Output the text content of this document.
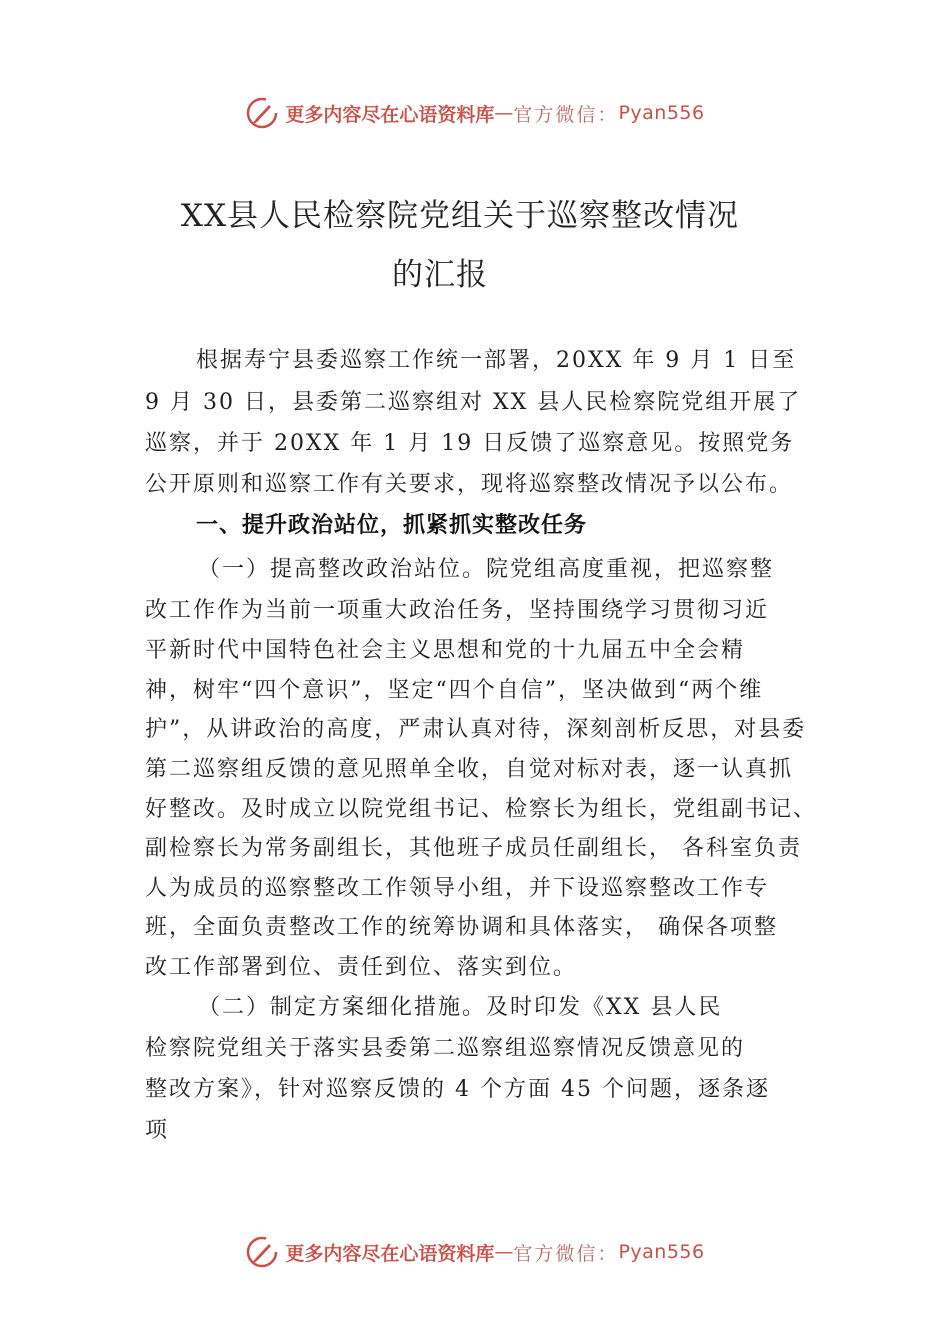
更多内容尽在心语资料库 — 官方微信： Pyan556
XX县人民检察院党组关于巡察整改情况
的汇报
根据寿宁县委巡察工作统一部署，20XX 年 9 月 1 日至
9 月 30 日，县委第二巡察组对 XX 县人民检察院党组开展了
巡察，并于 20XX 年 1 月 19 日反馈了巡察意见。按照党务
公开原则和巡察工作有关要求，现将巡察整改情况予以公布。
一、提升政治站位，抓紧抓实整改任务
（一）提高整改政治站位。院党组高度重视，把巡察整
改工作作为当前一项重大政治任务，坚持围绕学习贯彻习近
平新时代中国特色社会主义思想和党的十九届五中全会精
神，树牢“四个意识”，坚定“四个自信”，坚决做到“两个维
护”，从讲政治的高度，严肃认真对待，深刻剖析反思，对县委
第二巡察组反馈的意见照单全收，自觉对标对表，逐一认真抓
好整改。及时成立以院党组书记、检察长为组长，党组副书记、
副检察长为常务副组长，其他班子成员任副组长， 各科室负责
人为成员的巡察整改工作领导小组，并下设巡察整改工作专
班，全面负责整改工作的统筹协调和具体落实， 确保各项整
改工作部署到位、责任到位、落实到位。
（二）制定方案细化措施。及时印发《XX 县人民
检察院党组关于落实县委第二巡察组巡察情况反馈意见的
整改方案》，针对巡察反馈的 4 个方面 45 个问题，逐条逐
项
更多内容尽在心语资料库 — 官方微信： Pyan556
